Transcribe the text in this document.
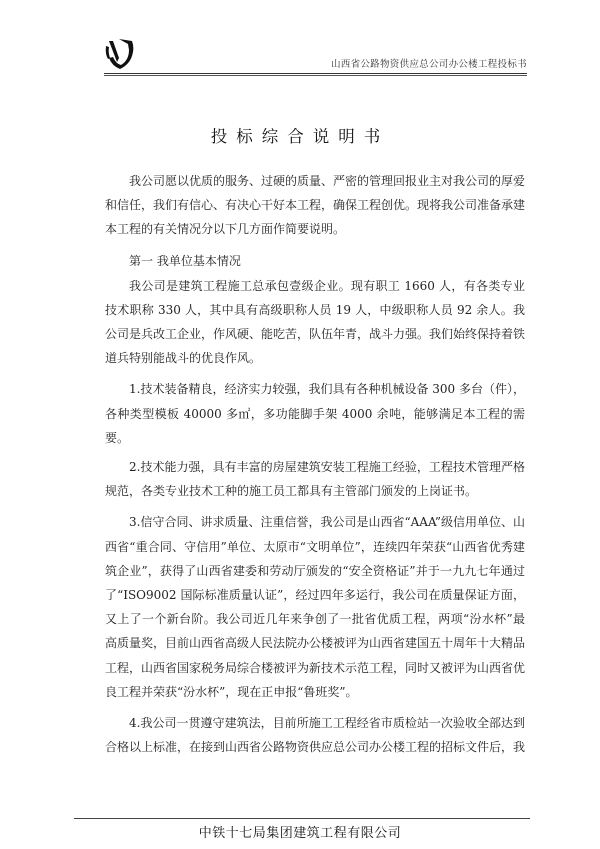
山西省公路物资供应总公司办公楼工程投标书
投标综合说明书

我公司愿以优质的服务、过硬的质量、严密的管理回报业主对我公司的厚爱和信任，我们有信心、有决心干好本工程，确保工程创优。现将我公司准备承建本工程的有关情况分以下几方面作简要说明。

第一 我单位基本情况

我公司是建筑工程施工总承包壹级企业。现有职工 1660 人，有各类专业技术职称 330 人，其中具有高级职称人员 19 人，中级职称人员 92 余人。我公司是兵改工企业，作风硬、能吃苦，队伍年青，战斗力强。我们始终保持着铁道兵特别能战斗的优良作风。

1.技术装备精良，经济实力较强，我们具有各种机械设备 300 多台（件），各种类型模板 40000 多㎡，多功能脚手架 4000 余吨，能够满足本工程的需要。

2.技术能力强，具有丰富的房屋建筑安装工程施工经验，工程技术管理严格规范，各类专业技术工种的施工员工都具有主管部门颁发的上岗证书。

3.信守合同、讲求质量、注重信誉，我公司是山西省“AAA”级信用单位、山西省“重合同、守信用”单位、太原市“文明单位”，连续四年荣获“山西省优秀建筑企业”，获得了山西省建委和劳动厅颁发的“安全资格证”并于一九九七年通过了“ISO9002 国际标准质量认证”，经过四年多运行，我公司在质量保证方面，又上了一个新台阶。我公司近几年来争创了一批省优质工程，两项“汾水杯”最高质量奖，目前山西省高级人民法院办公楼被评为山西省建国五十周年十大精品工程，山西省国家税务局综合楼被评为新技术示范工程，同时又被评为山西省优良工程并荣获“汾水杯”，现在正申报“鲁班奖”。

4.我公司一贯遵守建筑法，目前所施工工程经省市质检站一次验收全部达到合格以上标准，在接到山西省公路物资供应总公司办公楼工程的招标文件后，我

中铁十七局集团建筑工程有限公司
